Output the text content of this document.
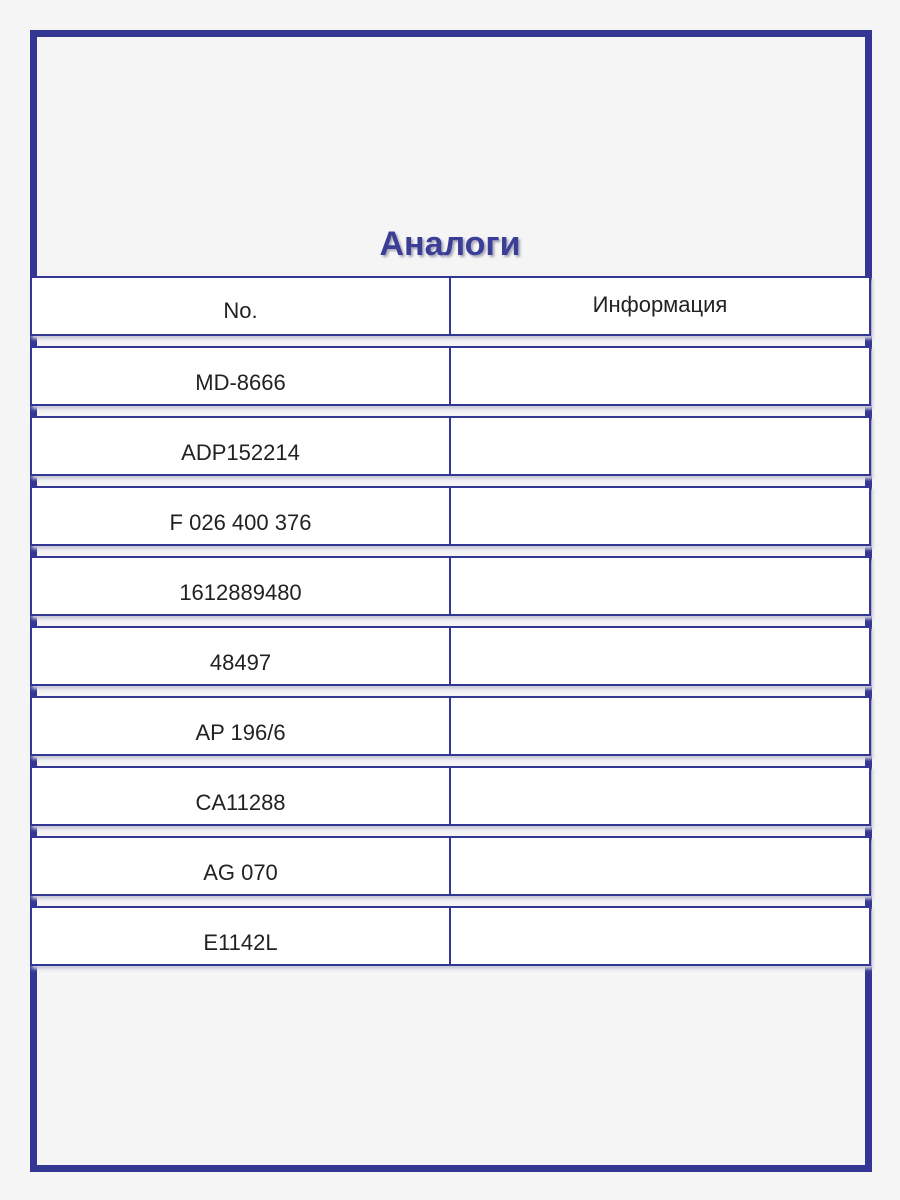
Аналоги
No.	Информация
MD-8666
ADP152214
F 026 400 376
1612889480
48497
AP 196/6
CA11288
AG 070
E1142L
